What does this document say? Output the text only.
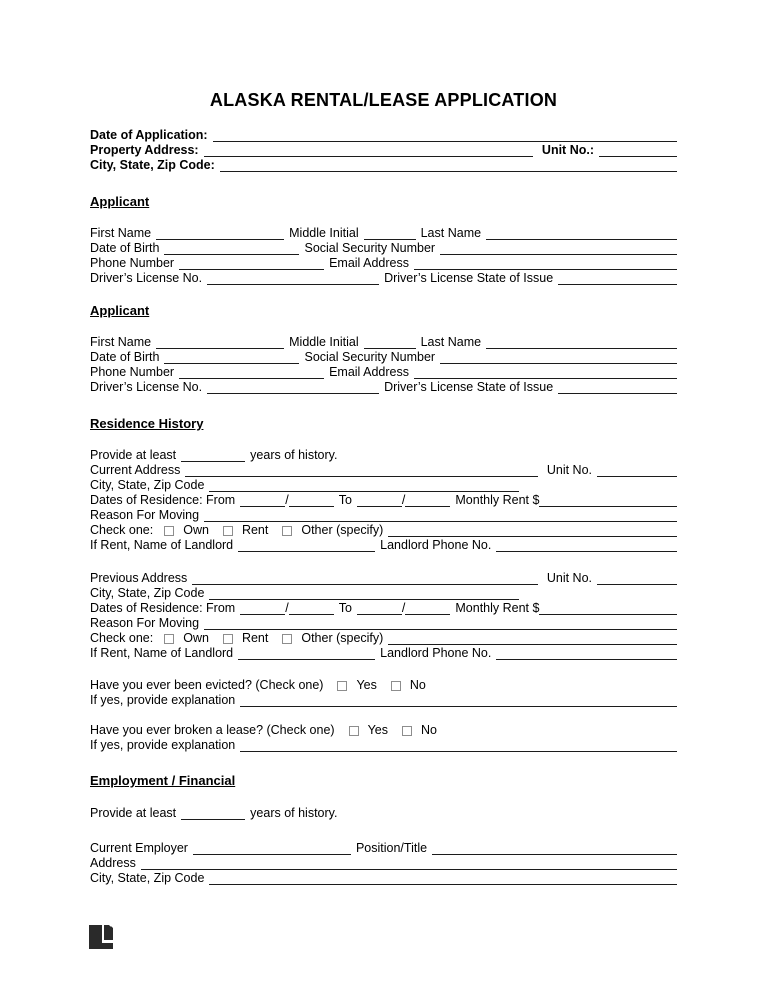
ALASKA RENTAL/LEASE APPLICATION
Date of Application:
Property Address:	Unit No.:
City, State, Zip Code:
Applicant
First Name	Middle Initial	Last Name
Date of Birth	Social Security Number
Phone Number	Email Address
Driver’s License No.	Driver’s License State of Issue
Applicant
First Name	Middle Initial	Last Name
Date of Birth	Social Security Number
Phone Number	Email Address
Driver’s License No.	Driver’s License State of Issue
Residence History
Provide at least	years of history.
Current Address	Unit No.
City, State, Zip Code
Dates of Residence: From	/	To	/	Monthly Rent $
Reason For Moving
Check one: Own	Rent	Other (specify)
If Rent, Name of Landlord	Landlord Phone No.
Previous Address	Unit No.
City, State, Zip Code
Dates of Residence: From	/	To	/	Monthly Rent $
Reason For Moving
Check one: Own	Rent	Other (specify)
If Rent, Name of Landlord	Landlord Phone No.
Have you ever been evicted? (Check one)	Yes	No
If yes, provide explanation
Have you ever broken a lease? (Check one)	Yes	No
If yes, provide explanation
Employment / Financial
Provide at least	years of history.
Current Employer	Position/Title
Address
City, State, Zip Code
